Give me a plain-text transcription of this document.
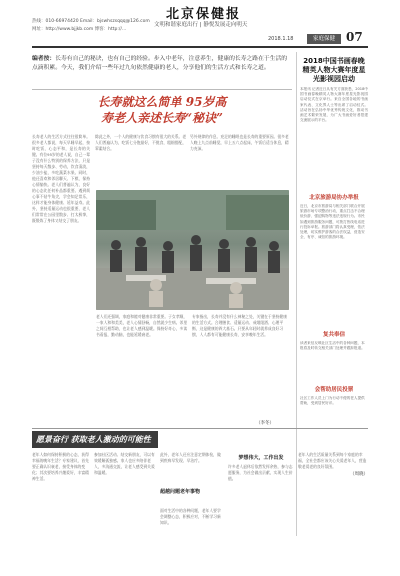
北京保健报
文明和谐家庭出行 | 静悦发展走向明天
热线：010-66974420 Email：bjswhszsqqq@126.com
网址：http://www.bjjkb.com 博客：http://...
2018.1.18	家庭保健 07
编者按：长寿有自己的秘诀，也有自己的经验。步入中老年，注意养生，健康的长寿之路在于生活的点滴积累。今天，我们介绍一些年过九旬依然健康的老人，分享他们的生活方式和长寿之道。
长寿就这么简单 95岁高
寿老人亲述长寿“秘诀”
长寿老人的生活方式往往很简单。很多老人都说，每天早睡早起，按时吃饭，心态平和，是长寿的关键。有位95岁的老人说，自己一辈子没有什么特别的保养方法，只是坚持每天散步、劳动，饮食清淡，少油少盐，多吃蔬菜水果。同时，他还喜欢和邻居聊天、下棋，保持心情愉快。老人们普遍认为，良好的心态比任何补品都重要。遇到烦心事不钻牛角尖，学会知足常乐，这样才能身体健康、延年益寿。此外，坚持适量运动也很重要，老人们常常在公园里散步、打太极拳，既锻炼了身体又结交了朋友。
除此之外，一个人的健康与饮食习惯有很大的关系。老人们普遍认为，吃饭七分饱最好，不挑食，粗细搭配，荤素结合。
另外规律的作息、充足的睡眠也是长寿的重要原因。很多老人晚上九点前睡觉，早上五六点起床，午饭后适当休息，精力充沛。
老人们还强调，家庭和睦对健康非常重要。子女孝顺，一家人和和美美，老人心情舒畅，自然就少生病。邻里之间互相帮助，也让老人感到温暖。保持好奇心，多读书看报，勤动脑，也能延缓衰老。
专家指出，长寿并没有什么神秘之处，关键在于坚持健康的生活方式。合理膳食、适量运动、戒烟限酒、心理平衡，这是健康的四大基石。只要从年轻时就养成良好习惯，人人都有可能健康长寿，安享晚年生活。
（李冬）
2018中国书画春晚精英人物大赛年度星光影视园启动
本报讯 记者近日从有关方面获悉，2018中国书画春晚精英人物大赛年度星光影视园启动仪式在京举行。来自全国各地的书画家代表、文化界人士等出席了启动仪式。活动旨在弘扬中华优秀传统文化，推动书画艺术繁荣发展，为广大书画爱好者搭建交流展示的平台。
北京旅游局协办举报
近日，北京市旅游局与相关部门联合开展旅游市场专项整治行动，重点打击不合理低价游、强迫购物等违法违规行为。市民如遇到旅游服务问题，可拨打热线电话进行投诉举报。旅游部门将认真受理，依法处理，切实维护游客的合法权益，营造安全、有序、诚信的旅游环境。
复共奉信
读者来信反映社区生活中的各种问题，本报将及时转交相关部门处理并跟踪报道。
会帮助居民投票
社区工作人员上门为行动不便的老人提供帮助，受到居民好评。
愿景奋行 获取老人激动的可能性
老年人如何保持积极的心态，获得幸福的晚年生活？专家建议，首先要正确认识衰老，接受身体的变化；其次要培养兴趣爱好，丰富精神生活。
参加社区活动、结交新朋友，可以有效缓解孤独感。家人也应多陪伴老人，多沟通交流，让老人感受到关爱和温暖。
此外，老年人还应注意定期体检，做到疾病早发现、早治疗。
超越问题老年事物
面对生活中的各种问题，老年人要学会调整心态，积极应对，不断学习新知识。
梦想伟大，工作出发
许多老人退休后依然发挥余热，参与志愿服务，为社会做出贡献，实现人生价值。
老年人的生活质量关系到每个家庭的幸福，全社会都应该关心关爱老年人，营造敬老爱老的良好氛围。
（周晓）
